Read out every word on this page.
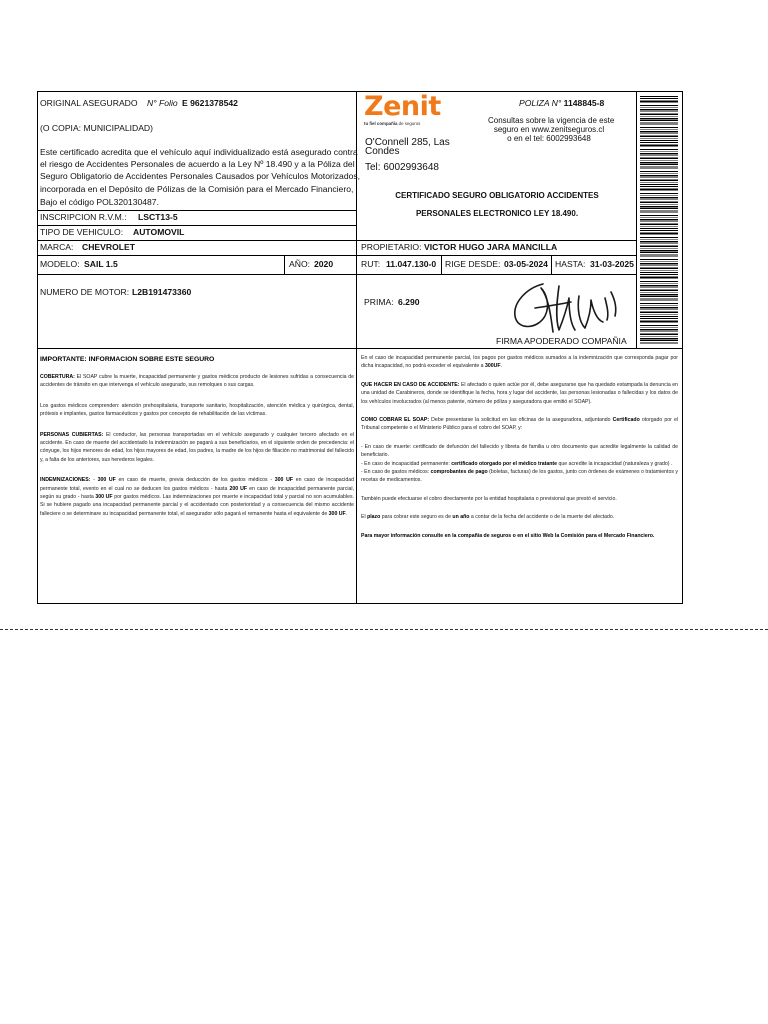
ORIGINAL ASEGURADO N° Folio E 9621378542
(O COPIA: MUNICIPALIDAD)
Este certificado acredita que el vehículo aquí individualizado está asegurado contra
el riesgo de Accidentes Personales de acuerdo a la Ley Nº 18.490 y a la Póliza del
Seguro Obligatorio de Accidentes Personales Causados por Vehículos Motorizados,
incorporada en el Depósito de Pólizas de la Comisión para el Mercado Financiero,
Bajo el código POL320130487.
Zenit
tu fiel compañía de seguros
O'Connell 285, Las
Condes
Tel: 6002993648
POLIZA N° 1148845-8
Consultas sobre la vigencia de este
seguro en www.zenitseguros.cl
o en el tel: 6002993648
CERTIFICADO SEGURO OBLIGATORIO ACCIDENTES
PERSONALES ELECTRONICO LEY 18.490.
INSCRIPCION R.V.M.: LSCT13-5
TIPO DE VEHICULO: AUTOMOVIL
MARCA: CHEVROLET	PROPIETARIO: VICTOR HUGO JARA MANCILLA
MODELO: SAIL 1.5	AÑO: 2020	RUT: 11.047.130-0 RIGE DESDE: 03-05-2024 HASTA: 31-03-2025
NUMERO DE MOTOR: L2B191473360
PRIMA: 6.290
FIRMA APODERADO COMPAÑIA

IMPORTANTE: INFORMACION SOBRE ESTE SEGURO

COBERTURA: El SOAP cubre la muerte, incapacidad permanente y gastos médicos producto de lesiones sufridas a consecuencia de accidentes de tránsito en que intervenga el vehículo asegurado, sus remolques o sus cargas.

Los gastos médicos comprenden: atención prehospitalaria, transporte sanitario, hospitalización, atención médica y quirúrgica, dental, prótesis e implantes, gastos farmacéuticos y gastos por concepto de rehabilitación de las víctimas.

PERSONAS CUBIERTAS: El conductor, las personas transportadas en el vehículo asegurado y cualquier tercero afectado en el accidente. En caso de muerte del accidentado la indemnización se pagará a sus beneficiarios, en el siguiente orden de precedencia: el cónyuge, los hijos menores de edad, los hijos mayores de edad, los padres, la madre de los hijos de filiación no matrimonial del fallecido y, a falta de los anteriores, sus herederos legales.

INDEMNIZACIONES: - 300 UF en caso de muerte, previa deducción de los gastos médicos - 300 UF en caso de incapacidad permanente total, evento en el cual no se deducen los gastos médicos - hasta 200 UF en caso de incapacidad permanente parcial, según su grado - hasta 300 UF por gastos médicos. Las indemnizaciones por muerte e incapacidad total y parcial no son acumulables. Si se hubiere pagado una incapacidad permanente parcial y el accidentado con posterioridad y a consecuencia del mismo accidente falleciere o se determinare su incapacidad permanente total, el asegurador sólo pagará el remanente hasta el equivalente de 300 UF.

En el caso de incapacidad permanente parcial, los pagos por gastos médicos sumados a la indemnización que corresponda pagar por dicha incapacidad, no podrá exceder el equivalente a 300UF.

QUE HACER EN CASO DE ACCIDENTE: El afectado o quien actúe por él, debe asegurarse que ha quedado estampada la denuncia en una unidad de Carabineros, donde se identifique la fecha, hora y lugar del accidente, las personas lesionadas o fallecidas y los datos de los vehículos involucrados (al menos patente, número de póliza y aseguradora que emitió el SOAP).

COMO COBRAR EL SOAP: Debe presentarse la solicitud en las oficinas de la aseguradora, adjuntando Certificado otorgado por el Tribunal competente o el Ministerio Público para el cobro del SOAP, y:

- En caso de muerte: certificado de defunción del fallecido y libreta de familia u otro documento que acredite legalmente la calidad de beneficiario.

- En caso de incapacidad permanente: certificado otorgado por el médico tratante que acredite la incapacidad (naturaleza y grado) .

- En caso de gastos médicos: comprobantes de pago (boletas, facturas) de los gastos, junto con órdenes de exámenes o tratamientos y recetas de medicamentos.

También puede efectuarse el cobro directamente por la entidad hospitalaria o previsional que prestó el servicio.

El plazo para cobrar este seguro es de un año a contar de la fecha del accidente o de la muerte del afectado.

Para mayor información consulte en la compañía de seguros o en el sitio Web la Comisión para el Mercado Financiero.
